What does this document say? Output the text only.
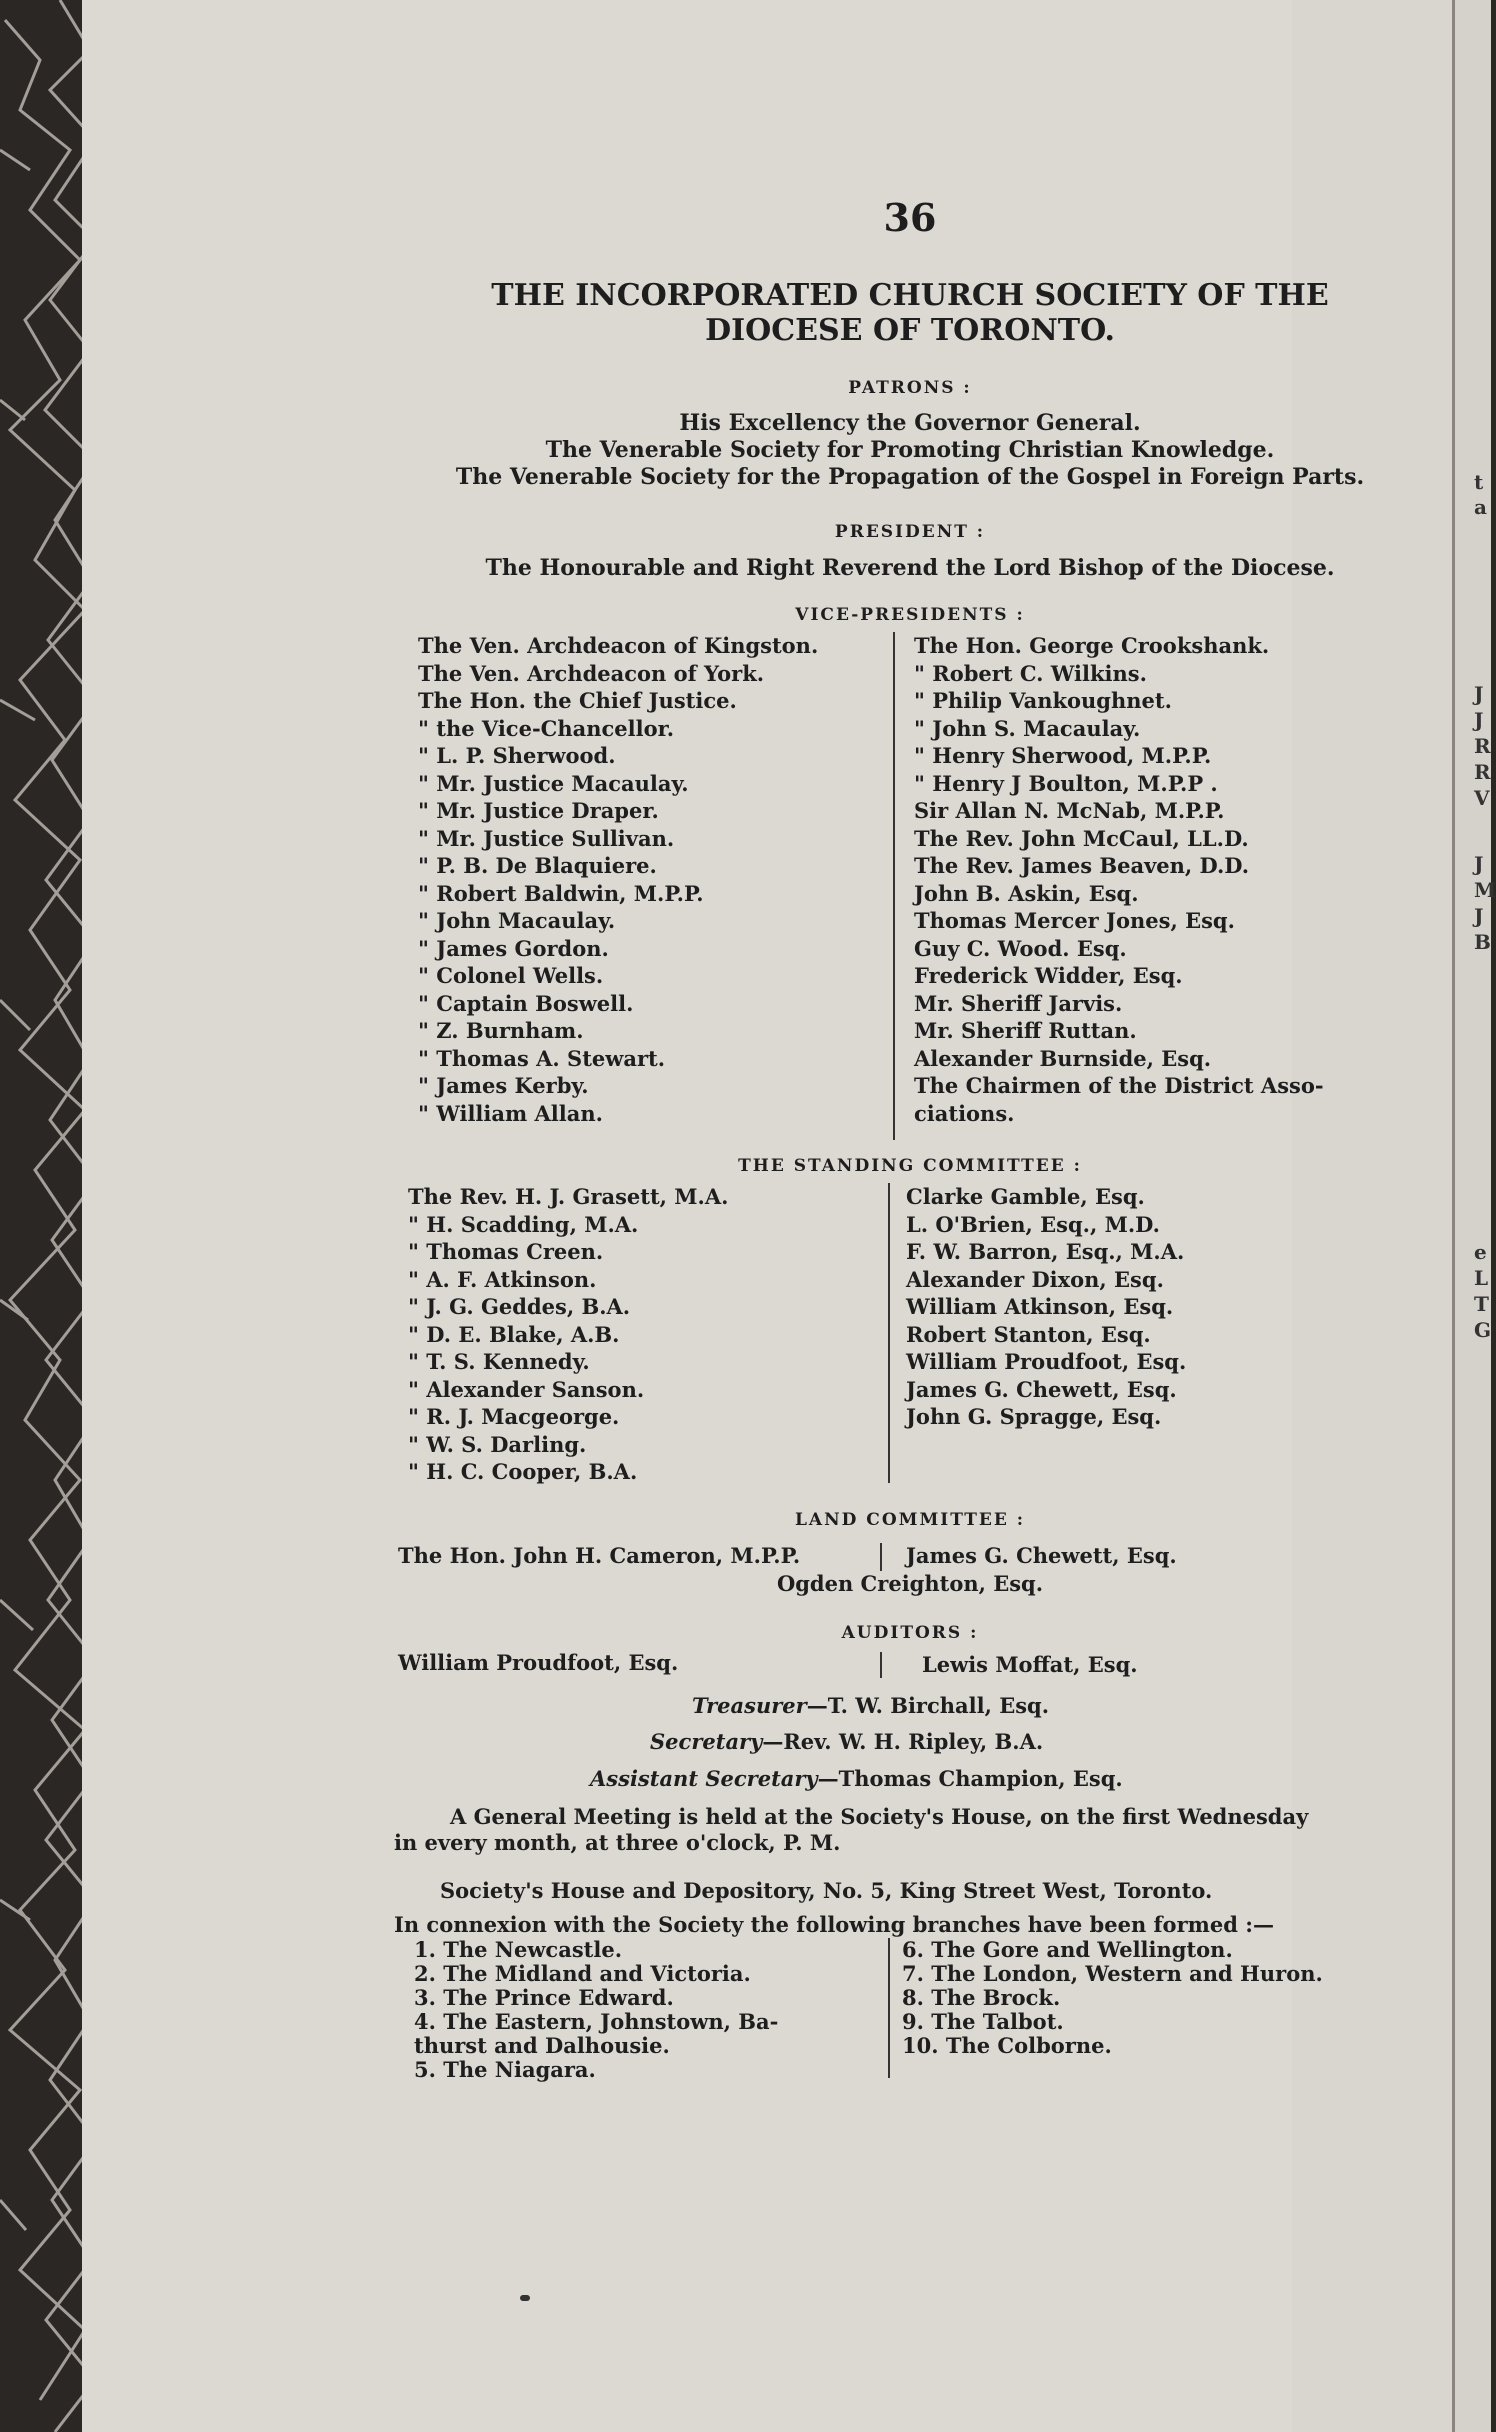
t
a
J
J
R
R
V
J
M
J
B
e
L
T
G
36
THE INCORPORATED CHURCH SOCIETY OF THE
DIOCESE OF TORONTO.
PATRONS :
His Excellency the Governor General.
The Venerable Society for Promoting Christian Knowledge.
The Venerable Society for the Propagation of the Gospel in Foreign Parts.
PRESIDENT :
The Honourable and Right Reverend the Lord Bishop of the Diocese.
VICE-PRESIDENTS :
The Ven. Archdeacon of Kingston.
The Ven. Archdeacon of York.
The Hon. the Chief Justice.
" the Vice-Chancellor.
" L. P. Sherwood.
" Mr. Justice Macaulay.
" Mr. Justice Draper.
" Mr. Justice Sullivan.
" P. B. De Blaquiere.
" Robert Baldwin, M.P.P.
" John Macaulay.
" James Gordon.
" Colonel Wells.
" Captain Boswell.
" Z. Burnham.
" Thomas A. Stewart.
" James Kerby.
" William Allan.
The Hon. George Crookshank.
" Robert C. Wilkins.
" Philip Vankoughnet.
" John S. Macaulay.
" Henry Sherwood, M.P.P.
" Henry J Boulton, M.P.P .
Sir Allan N. McNab, M.P.P.
The Rev. John McCaul, LL.D.
The Rev. James Beaven, D.D.
John B. Askin, Esq.
Thomas Mercer Jones, Esq.
Guy C. Wood. Esq.
Frederick Widder, Esq.
Mr. Sheriff Jarvis.
Mr. Sheriff Ruttan.
Alexander Burnside, Esq.
The Chairmen of the District Asso-
ciations.
THE STANDING COMMITTEE :
The Rev. H. J. Grasett, M.A.
" H. Scadding, M.A.
" Thomas Creen.
" A. F. Atkinson.
" J. G. Geddes, B.A.
" D. E. Blake, A.B.
" T. S. Kennedy.
" Alexander Sanson.
" R. J. Macgeorge.
" W. S. Darling.
" H. C. Cooper, B.A.
Clarke Gamble, Esq.
L. O'Brien, Esq., M.D.
F. W. Barron, Esq., M.A.
Alexander Dixon, Esq.
William Atkinson, Esq.
Robert Stanton, Esq.
William Proudfoot, Esq.
James G. Chewett, Esq.
John G. Spragge, Esq.
LAND COMMITTEE :
The Hon. John H. Cameron, M.P.P.	James G. Chewett, Esq.
Ogden Creighton, Esq.
AUDITORS :
William Proudfoot, Esq.	Lewis Moffat, Esq.
Treasurer—T. W. Birchall, Esq.
Secretary—Rev. W. H. Ripley, B.A.
Assistant Secretary—Thomas Champion, Esq.
A General Meeting is held at the Society's House, on the first Wednesday
in every month, at three o'clock, P. M.
Society's House and Depository, No. 5, King Street West, Toronto.
In connexion with the Society the following branches have been formed :—
1. The Newcastle.
2. The Midland and Victoria.
3. The Prince Edward.
4. The Eastern, Johnstown, Ba-
thurst and Dalhousie.
5. The Niagara.
6. The Gore and Wellington.
7. The London, Western and Huron.
8. The Brock.
9. The Talbot.
10. The Colborne.
